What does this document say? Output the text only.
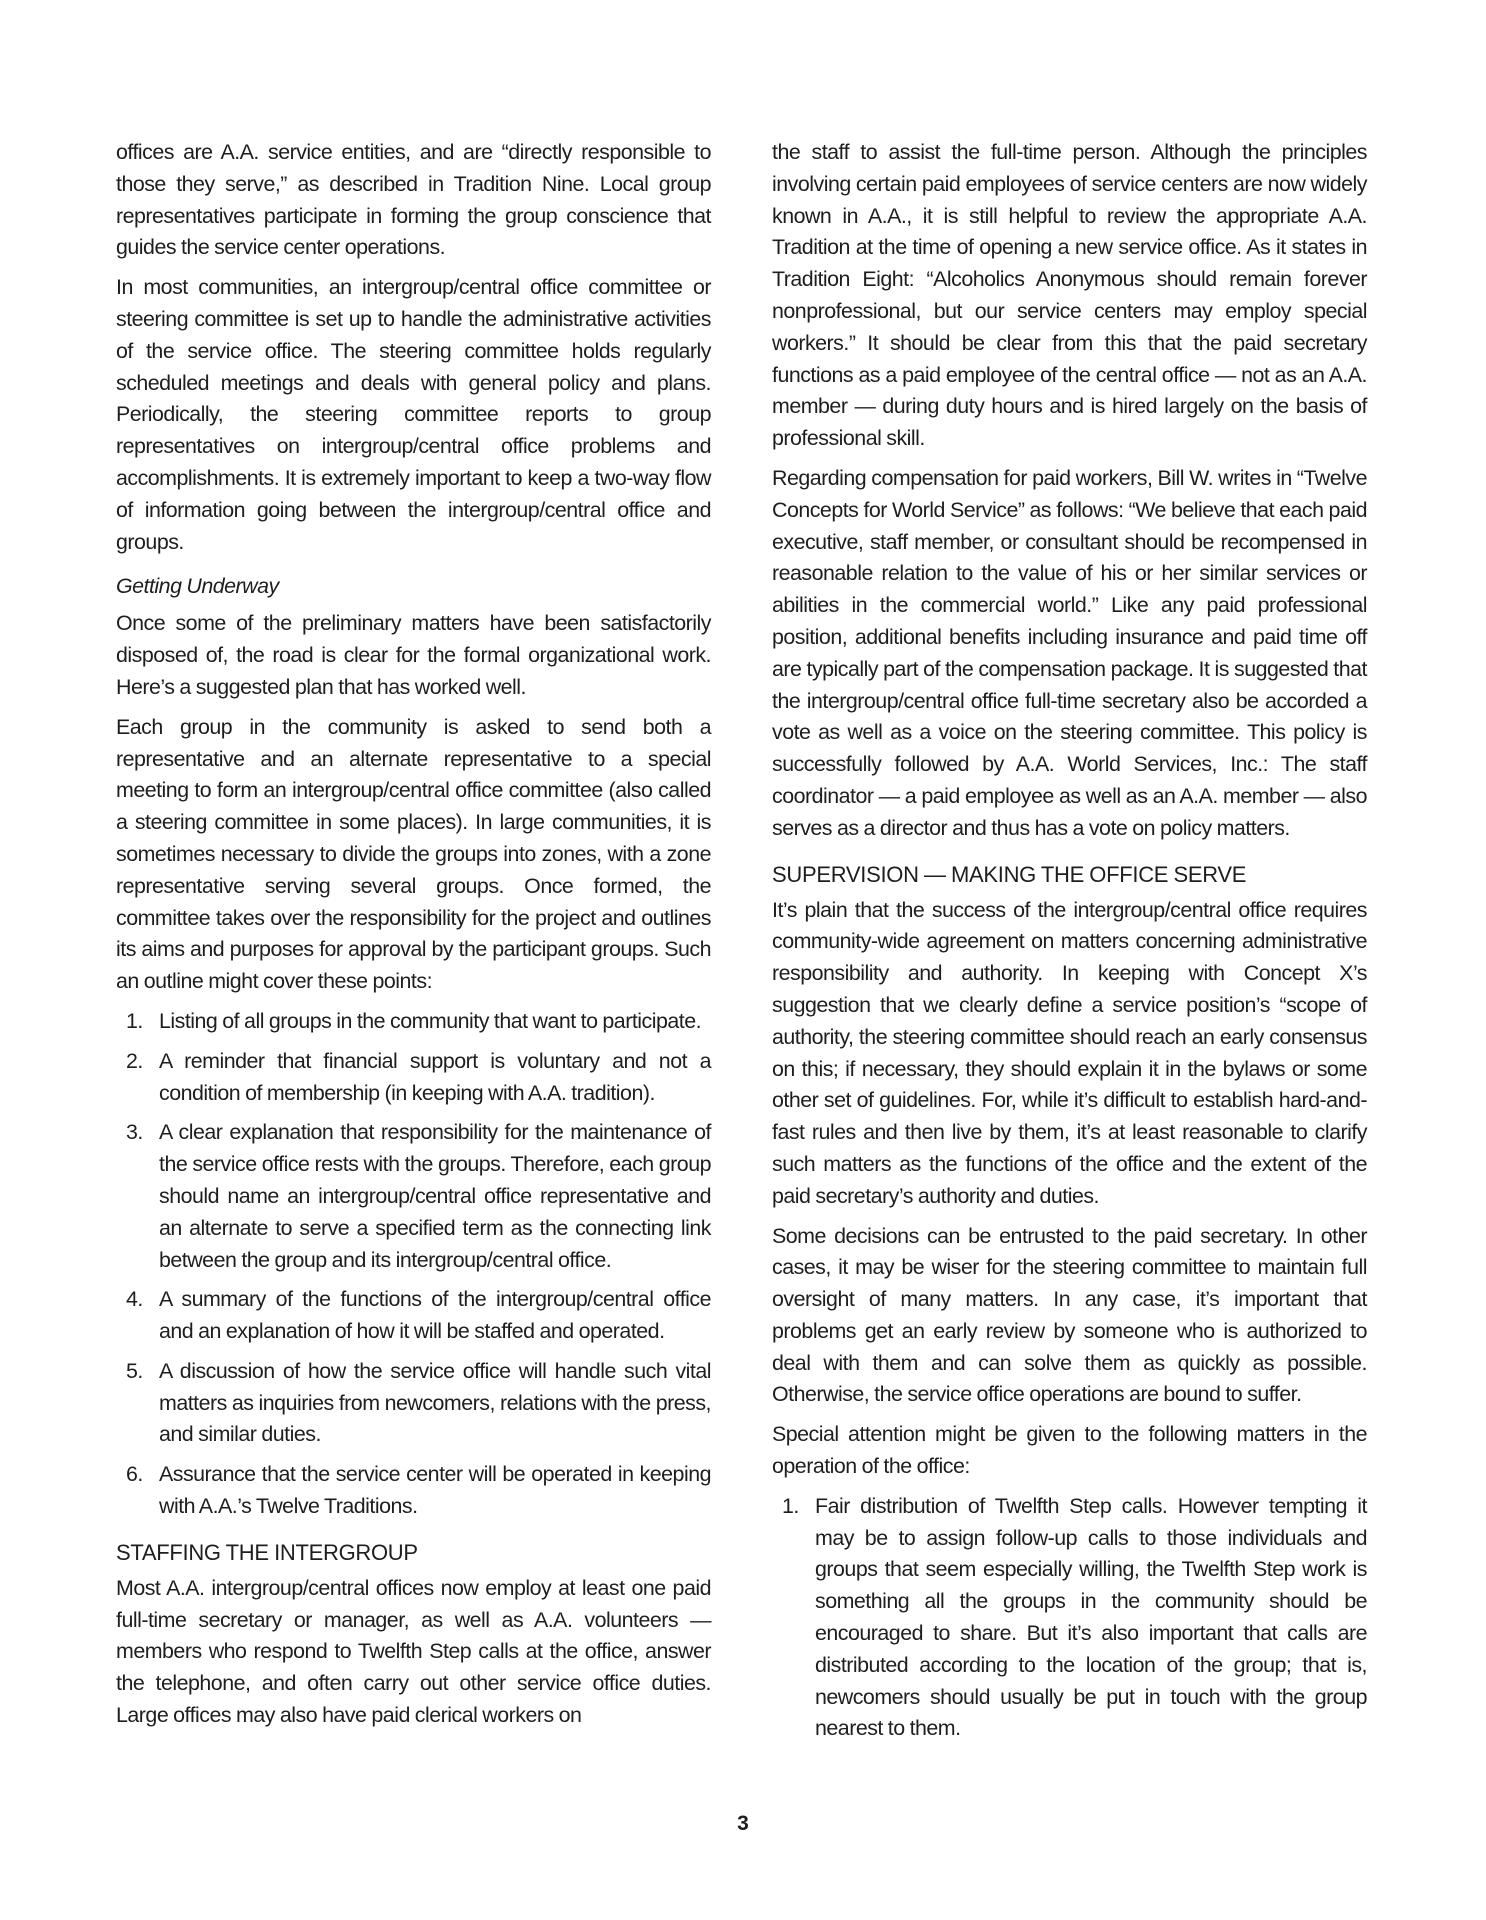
offices are A.A. service entities, and are “directly responsible to those they serve,” as described in Tradition Nine. Local group representatives participate in forming the group conscience that guides the service center operations.

In most communities, an intergroup/central office committee or steering committee is set up to handle the administrative activities of the service office. The steering committee holds regularly scheduled meetings and deals with general policy and plans. Periodically, the steering committee reports to group representatives on intergroup/central office problems and accomplishments. It is extremely important to keep a two-way flow of information going between the intergroup/central office and groups.

Getting Underway

Once some of the preliminary matters have been satisfactorily disposed of, the road is clear for the formal organizational work. Here’s a suggested plan that has worked well.

Each group in the community is asked to send both a representative and an alternate representative to a special meeting to form an intergroup/central office committee (also called a steering committee in some places). In large communities, it is sometimes necessary to divide the groups into zones, with a zone representative serving several groups. Once formed, the committee takes over the responsibility for the project and outlines its aims and purposes for approval by the participant groups. Such an outline might cover these points:

1. Listing of all groups in the community that want to participate.
2. A reminder that financial support is voluntary and not a condition of membership (in keeping with A.A. tradition).
3. A clear explanation that responsibility for the maintenance of the service office rests with the groups. Therefore, each group should name an intergroup/central office representative and an alternate to serve a specified term as the connecting link between the group and its intergroup/central office.
4. A summary of the functions of the intergroup/central office and an explanation of how it will be staffed and operated.
5. A discussion of how the service office will handle such vital matters as inquiries from newcomers, relations with the press, and similar duties.
6. Assurance that the service center will be operated in keeping with A.A.’s Twelve Traditions.
STAFFING THE INTERGROUP

Most A.A. intergroup/central offices now employ at least one paid full-time secretary or manager, as well as A.A. volunteers — members who respond to Twelfth Step calls at the office, answer the telephone, and often carry out other service office duties. Large offices may also have paid clerical workers on

the staff to assist the full-time person. Although the principles involving certain paid employees of service centers are now widely known in A.A., it is still helpful to review the appropriate A.A. Tradition at the time of opening a new service office. As it states in Tradition Eight: “Alcoholics Anonymous should remain forever nonprofessional, but our service centers may employ special workers.” It should be clear from this that the paid secretary functions as a paid employee of the central office — not as an A.A. member — during duty hours and is hired largely on the basis of professional skill.

Regarding compensation for paid workers, Bill W. writes in “Twelve Concepts for World Service” as follows: “We believe that each paid executive, staff member, or consultant should be recompensed in reasonable relation to the value of his or her similar services or abilities in the commercial world.” Like any paid professional position, additional benefits including insurance and paid time off are typically part of the compensation package. It is suggested that the intergroup/central office full-time secretary also be accorded a vote as well as a voice on the steering committee. This policy is successfully followed by A.A. World Services, Inc.: The staff coordinator — a paid employee as well as an A.A. member — also serves as a director and thus has a vote on policy matters.

SUPERVISION — MAKING THE OFFICE SERVE

It’s plain that the success of the intergroup/central office requires community-wide agreement on matters concerning administrative responsibility and authority. In keeping with Concept X’s suggestion that we clearly define a service position’s “scope of authority, the steering committee should reach an early consensus on this; if necessary, they should explain it in the bylaws or some other set of guidelines. For, while it’s difficult to establish hard-and-fast rules and then live by them, it’s at least reasonable to clarify such matters as the functions of the office and the extent of the paid secretary’s authority and duties.

Some decisions can be entrusted to the paid secretary. In other cases, it may be wiser for the steering committee to maintain full oversight of many matters. In any case, it’s important that problems get an early review by someone who is authorized to deal with them and can solve them as quickly as possible. Otherwise, the service office operations are bound to suffer.

Special attention might be given to the following matters in the operation of the office:

1. Fair distribution of Twelfth Step calls. However tempting it may be to assign follow-up calls to those individuals and groups that seem especially willing, the Twelfth Step work is something all the groups in the community should be encouraged to share. But it’s also important that calls are distributed according to the location of the group; that is, newcomers should usually be put in touch with the group nearest to them.
3
